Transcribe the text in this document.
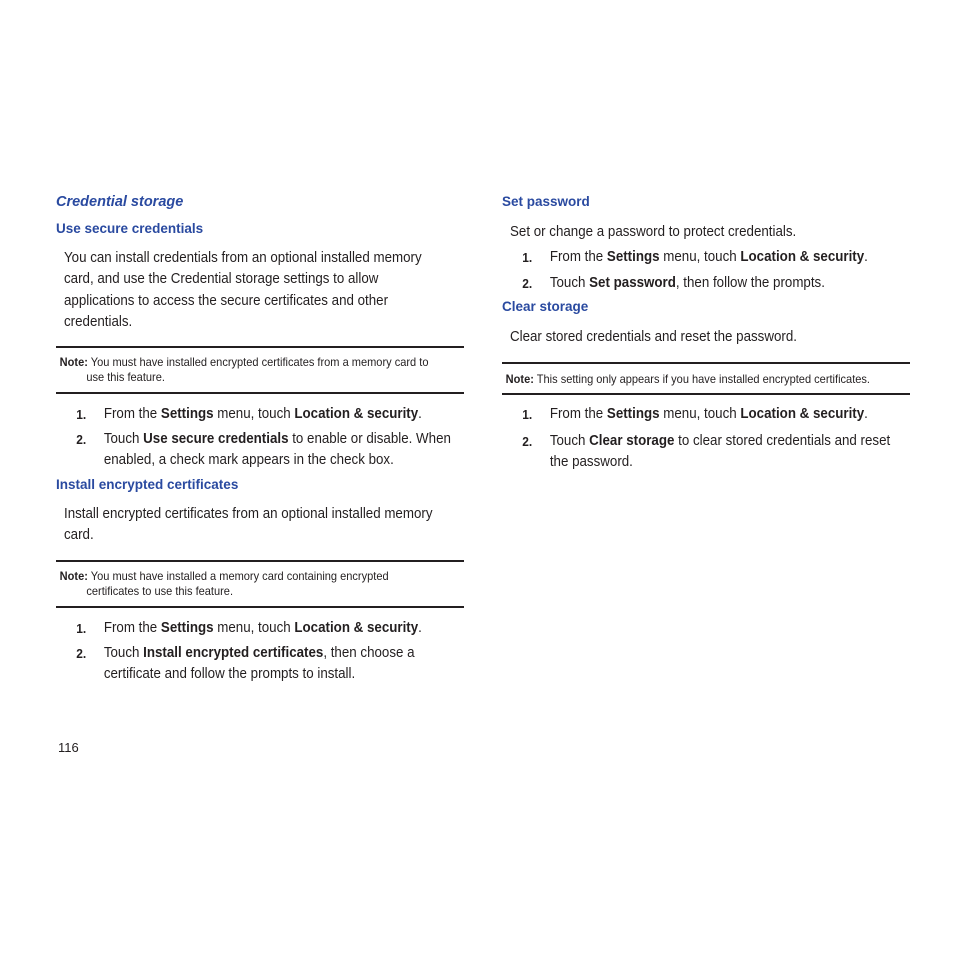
Credential storage
Use secure credentials
You can install credentials from an optional installed memory
card, and use the Credential storage settings to allow
applications to access the secure certificates and other
credentials.
Note: You must have installed encrypted certificates from a memory card to
use this feature.
1.	From the Settings menu, touch Location & security.
2.	Touch Use secure credentials to enable or disable. When
enabled, a check mark appears in the check box.
Install encrypted certificates
Install encrypted certificates from an optional installed memory
card.
Note: You must have installed a memory card containing encrypted
certificates to use this feature.
1.	From the Settings menu, touch Location & security.
2.	Touch Install encrypted certificates, then choose a
certificate and follow the prompts to install.
116
Set password
Set or change a password to protect credentials.
1.	From the Settings menu, touch Location & security.
2.	Touch Set password, then follow the prompts.
Clear storage
Clear stored credentials and reset the password.
Note: This setting only appears if you have installed encrypted certificates.
1.	From the Settings menu, touch Location & security.
2.	Touch Clear storage to clear stored credentials and reset
the password.
